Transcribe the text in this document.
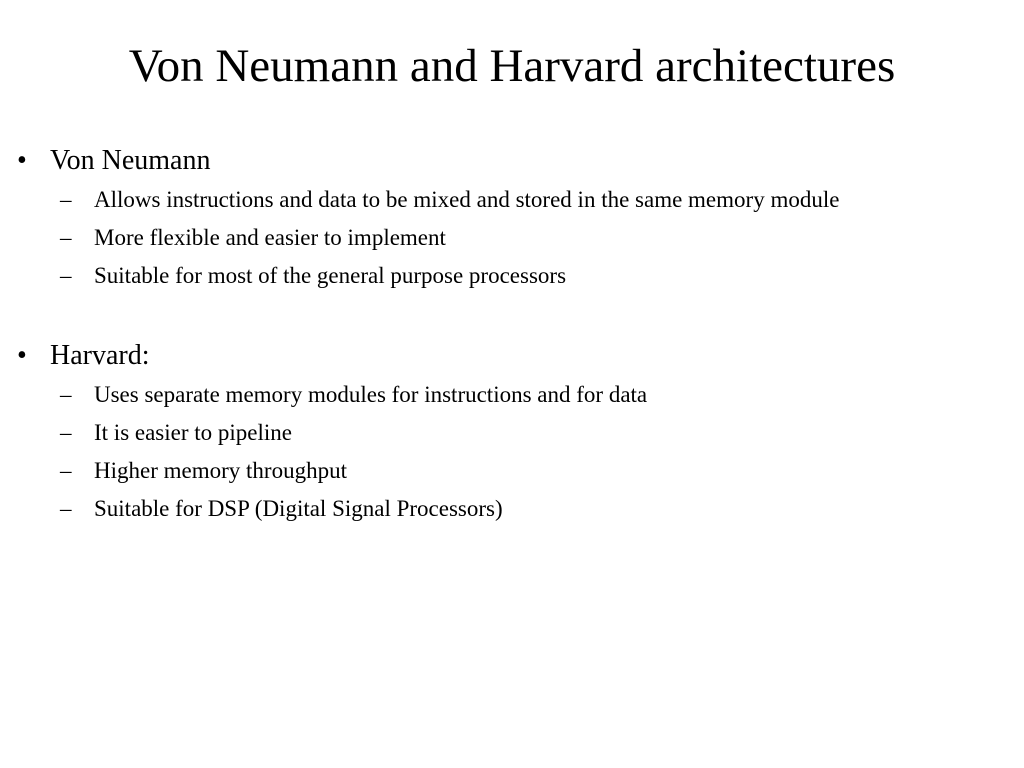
Von Neumann and Harvard architectures
• Von Neumann
– Allows instructions and data to be mixed and stored in the same memory module
– More flexible and easier to implement
– Suitable for most of the general purpose processors
• Harvard:
– Uses separate memory modules for instructions and for data
– It is easier to pipeline
– Higher memory throughput
– Suitable for DSP (Digital Signal Processors)
